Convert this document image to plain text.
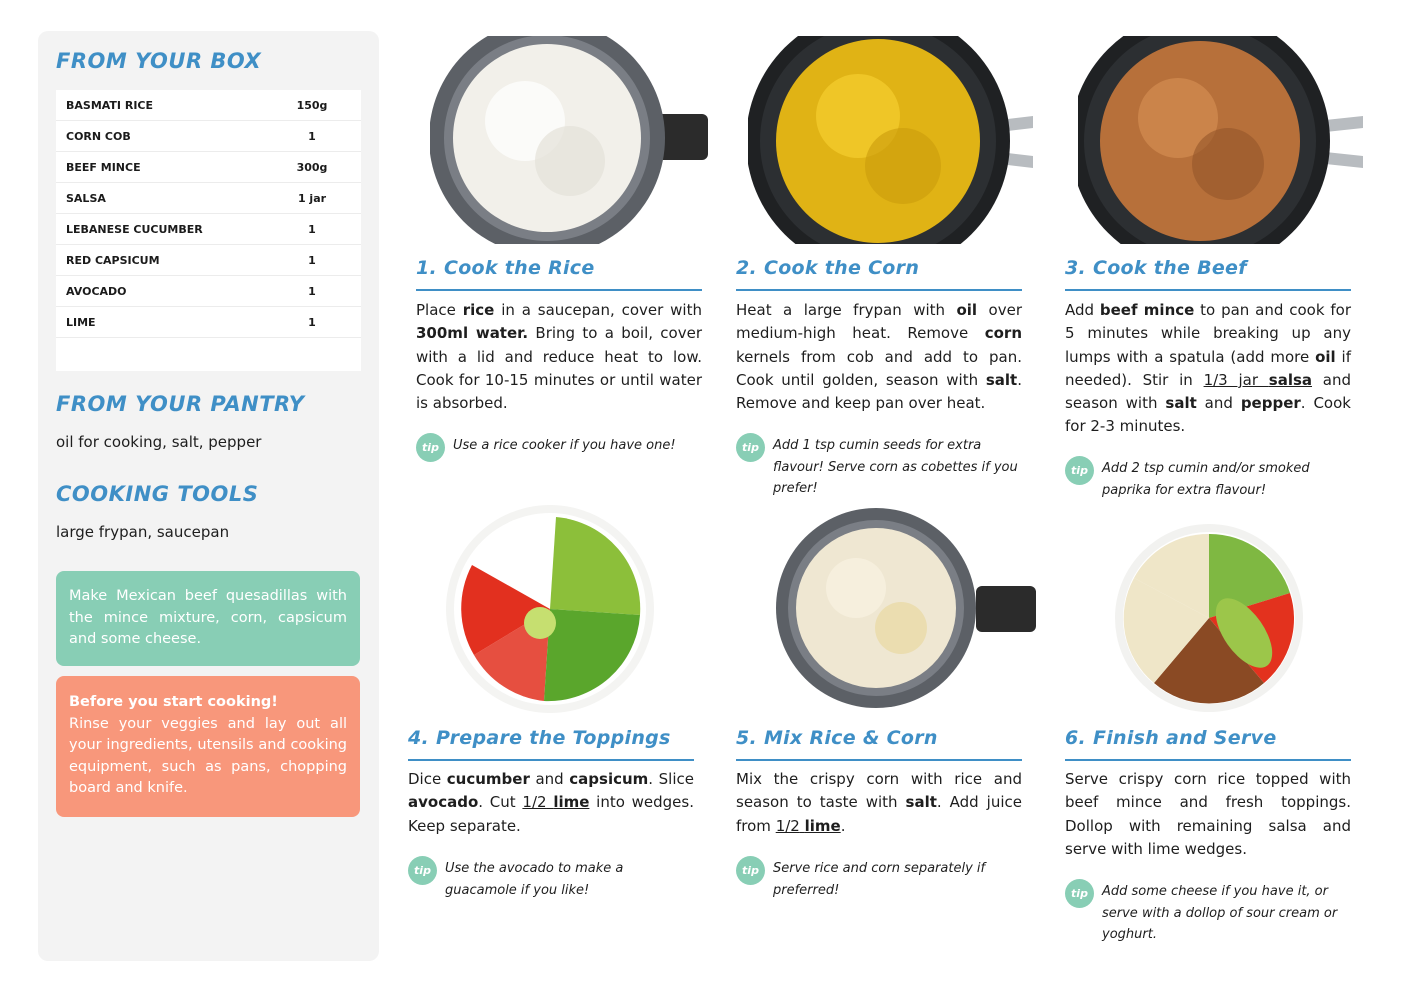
FROM YOUR BOX
BASMATI RICE	150g
CORN COB	1
BEEF MINCE	300g
SALSA	1 jar
LEBANESE CUCUMBER	1
RED CAPSICUM	1
AVOCADO	1
LIME	1
FROM YOUR PANTRY
oil for cooking, salt, pepper
COOKING TOOLS
large frypan, saucepan
Make Mexican beef quesadillas with the mince mixture, corn, capsicum and some cheese.
Before you start cooking!
Rinse your veggies and lay out all your ingredients, utensils and cooking equipment, such as pans, chopping board and knife.
1. Cook the Rice
Place rice in a saucepan, cover with 300ml water. Bring to a boil, cover with a lid and reduce heat to low. Cook for 10-15 minutes or until water is absorbed.
tip	Use a rice cooker if you have one!
2. Cook the Corn
Heat a large frypan with oil over medium-high heat. Remove corn kernels from cob and add to pan. Cook until golden, season with salt. Remove and keep pan over heat.
tip	Add 1 tsp cumin seeds for extra flavour! Serve corn as cobettes if you prefer!
3. Cook the Beef
Add beef mince to pan and cook for 5 minutes while breaking up any lumps with a spatula (add more oil if needed). Stir in 1/3 jar salsa and season with salt and pepper. Cook for 2-3 minutes.
tip	Add 2 tsp cumin and/or smoked paprika for extra flavour!
4. Prepare the Toppings
Dice cucumber and capsicum. Slice avocado. Cut 1/2 lime into wedges. Keep separate.
tip	Use the avocado to make a guacamole if you like!
5. Mix Rice & Corn
Mix the crispy corn with rice and season to taste with salt. Add juice from 1/2 lime.
tip	Serve rice and corn separately if preferred!
6. Finish and Serve
Serve crispy corn rice topped with beef mince and fresh toppings. Dollop with remaining salsa and serve with lime wedges.
tip	Add some cheese if you have it, or serve with a dollop of sour cream or yoghurt.
